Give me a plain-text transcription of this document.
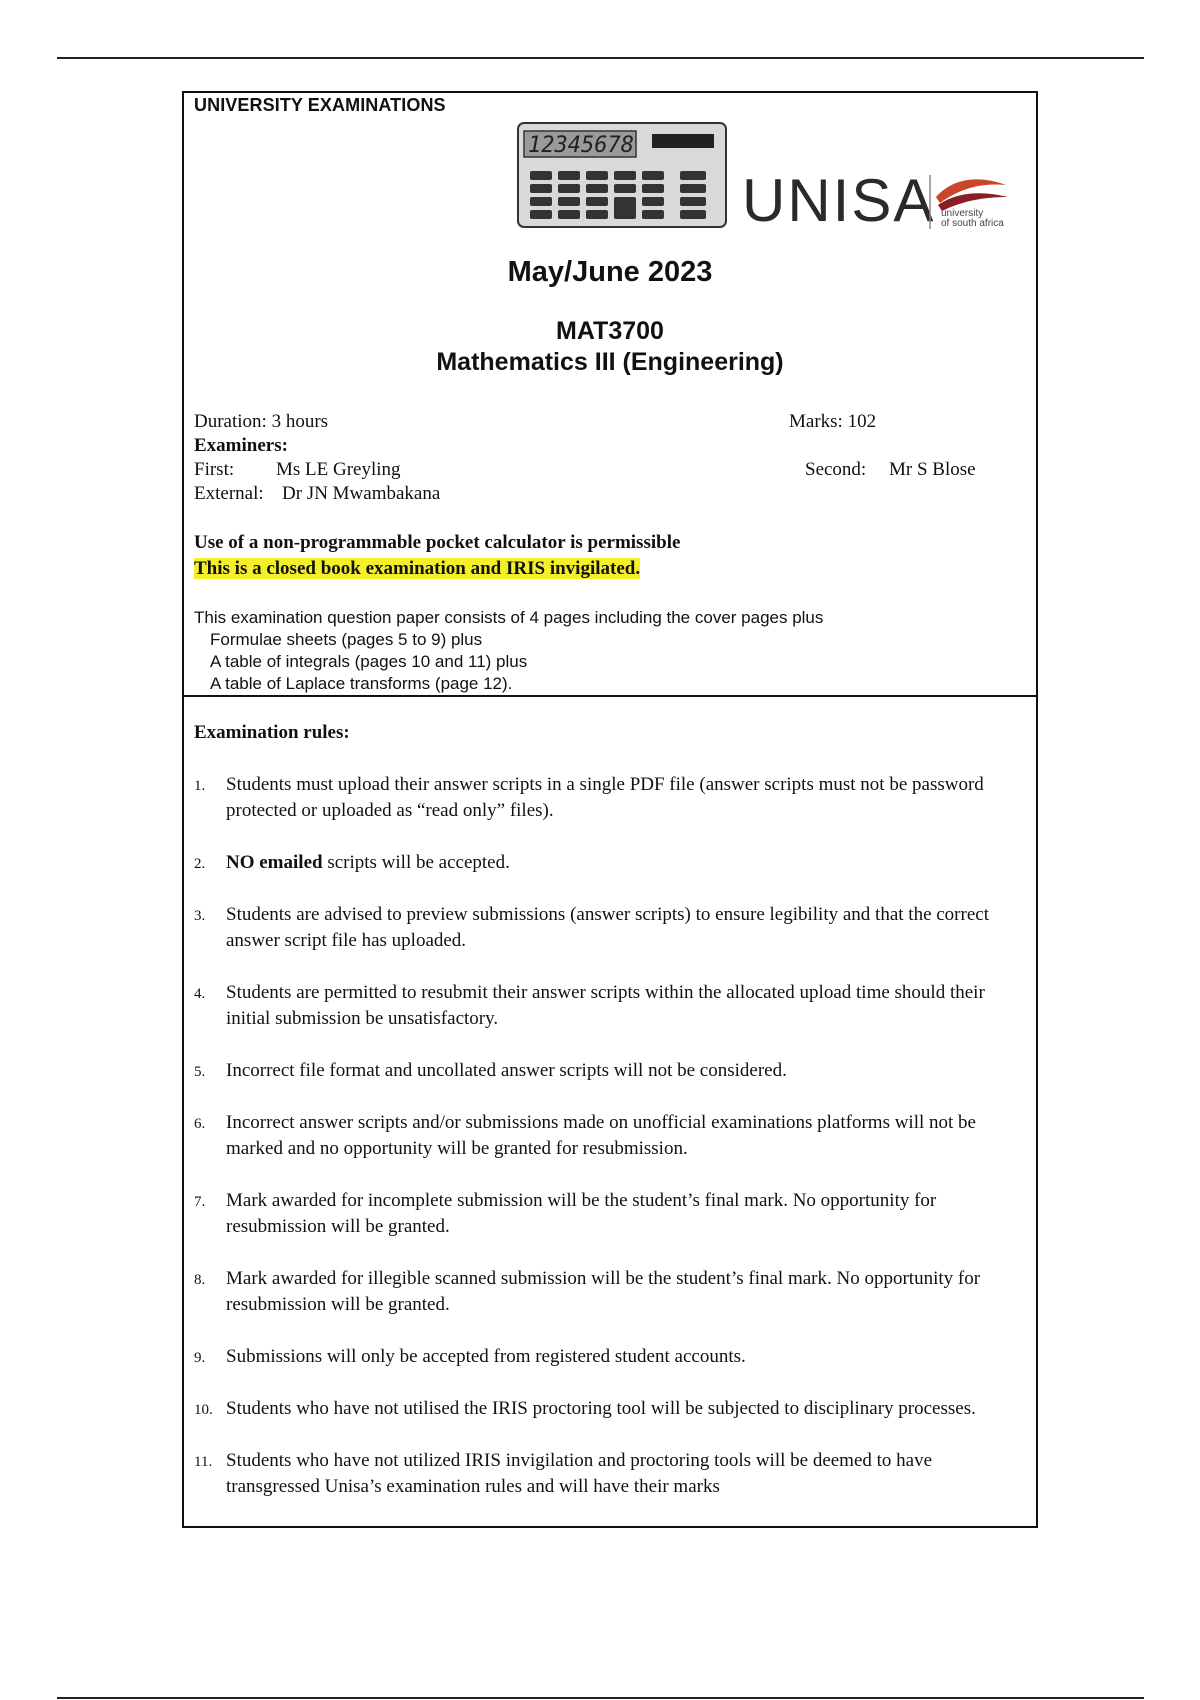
UNIVERSITY EXAMINATIONS
12345678
UNISA university
of south africa
May/June 2023
MAT3700
Mathematics III (Engineering)
Duration: 3 hours	Marks: 102
Examiners:
First: Ms LE Greyling	Second: Mr S Blose
External: Dr JN Mwambakana
Use of a non-programmable pocket calculator is permissible
This is a closed book examination and IRIS invigilated.
This examination question paper consists of 4 pages including the cover pages plus
Formulae sheets (pages 5 to 9) plus
A table of integrals (pages 10 and 11) plus
A table of Laplace transforms (page 12).
Examination rules:
1.	Students must upload their answer scripts in a single PDF file (answer scripts must not be password protected or uploaded as “read only” files).
2.	NO emailed scripts will be accepted.
3.	Students are advised to preview submissions (answer scripts) to ensure legibility and that the correct answer script file has uploaded.
4.	Students are permitted to resubmit their answer scripts within the allocated upload time should their initial submission be unsatisfactory.
5.	Incorrect file format and uncollated answer scripts will not be considered.
6.	Incorrect answer scripts and/or submissions made on unofficial examinations platforms will not be marked and no opportunity will be granted for resubmission.
7.	Mark awarded for incomplete submission will be the student’s final mark. No opportunity for resubmission will be granted.
8.	Mark awarded for illegible scanned submission will be the student’s final mark. No opportunity for resubmission will be granted.
9.	Submissions will only be accepted from registered student accounts.
10. Students who have not utilised the IRIS proctoring tool will be subjected to disciplinary processes.
11. Students who have not utilized IRIS invigilation and proctoring tools will be deemed to have transgressed Unisa’s examination rules and will have their marks
